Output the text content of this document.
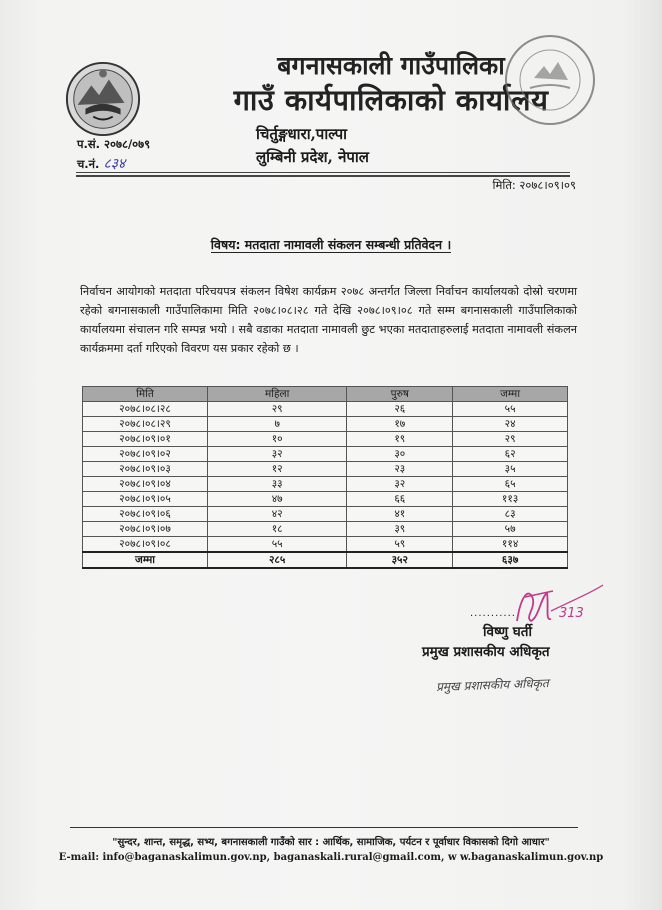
बगनासकाली गाउँपालिका
गाउँ कार्यपालिकाको कार्यालय
चिर्तुङ्गधारा,पाल्पा
लुम्बिनी प्रदेश, नेपाल
प.सं. २०७८/०७९
च.नं. ८३४
मिति: २०७८।०९।०९
विषय: मतदाता नामावली संकलन सम्बन्धी प्रतिवेदन ।
निर्वाचन आयोगको मतदाता परिचयपत्र संकलन विषेश कार्यक्रम २०७८ अन्तर्गत जिल्ला निर्वाचन कार्यालयको दोस्रो चरणमा रहेको बगनासकाली गाउँपालिकामा मिति २०७८।०८।२८ गते देखि २०७८।०९।०८ गते सम्म बगनासकाली गाउँपालिकाको कार्यालयमा संचालन गरि सम्पन्न भयो । सबै वडाका मतदाता नामावली छुट भएका मतदाताहरुलाई मतदाता नामावली संकलन कार्यक्रममा दर्ता गरिएको विवरण यस प्रकार रहेको छ ।
मिति	महिला	पुरुष	जम्मा
२०७८।०८।२८	२९	२६	५५
२०७८।०८।२९	७	१७	२४
२०७८।०९।०१	१०	१९	२९
२०७८।०९।०२	३२	३०	६२
२०७८।०९।०३	१२	२३	३५
२०७८।०९।०४	३३	३२	६५
२०७८।०९।०५	४७	६६	११३
२०७८।०९।०६	४२	४१	८३
२०७८।०९।०७	१८	३९	५७
२०७८।०९।०८	५५	५९	११४
जम्मा	२८५	३५२	६३७
...........	313
विष्णु घर्ती
प्रमुख प्रशासकीय अधिकृत
प्रमुख प्रशासकीय अधिकृत
"सुन्दर, शान्त, समृद्ध, सभ्य, बगनासकाली गाउँको सार : आर्थिक, सामाजिक, पर्यटन र पूर्वाधार विकासको दिगो आधार"
E-mail: info@baganaskalimun.gov.np, baganaskali.rural@gmail.com, w w.baganaskalimun.gov.np
